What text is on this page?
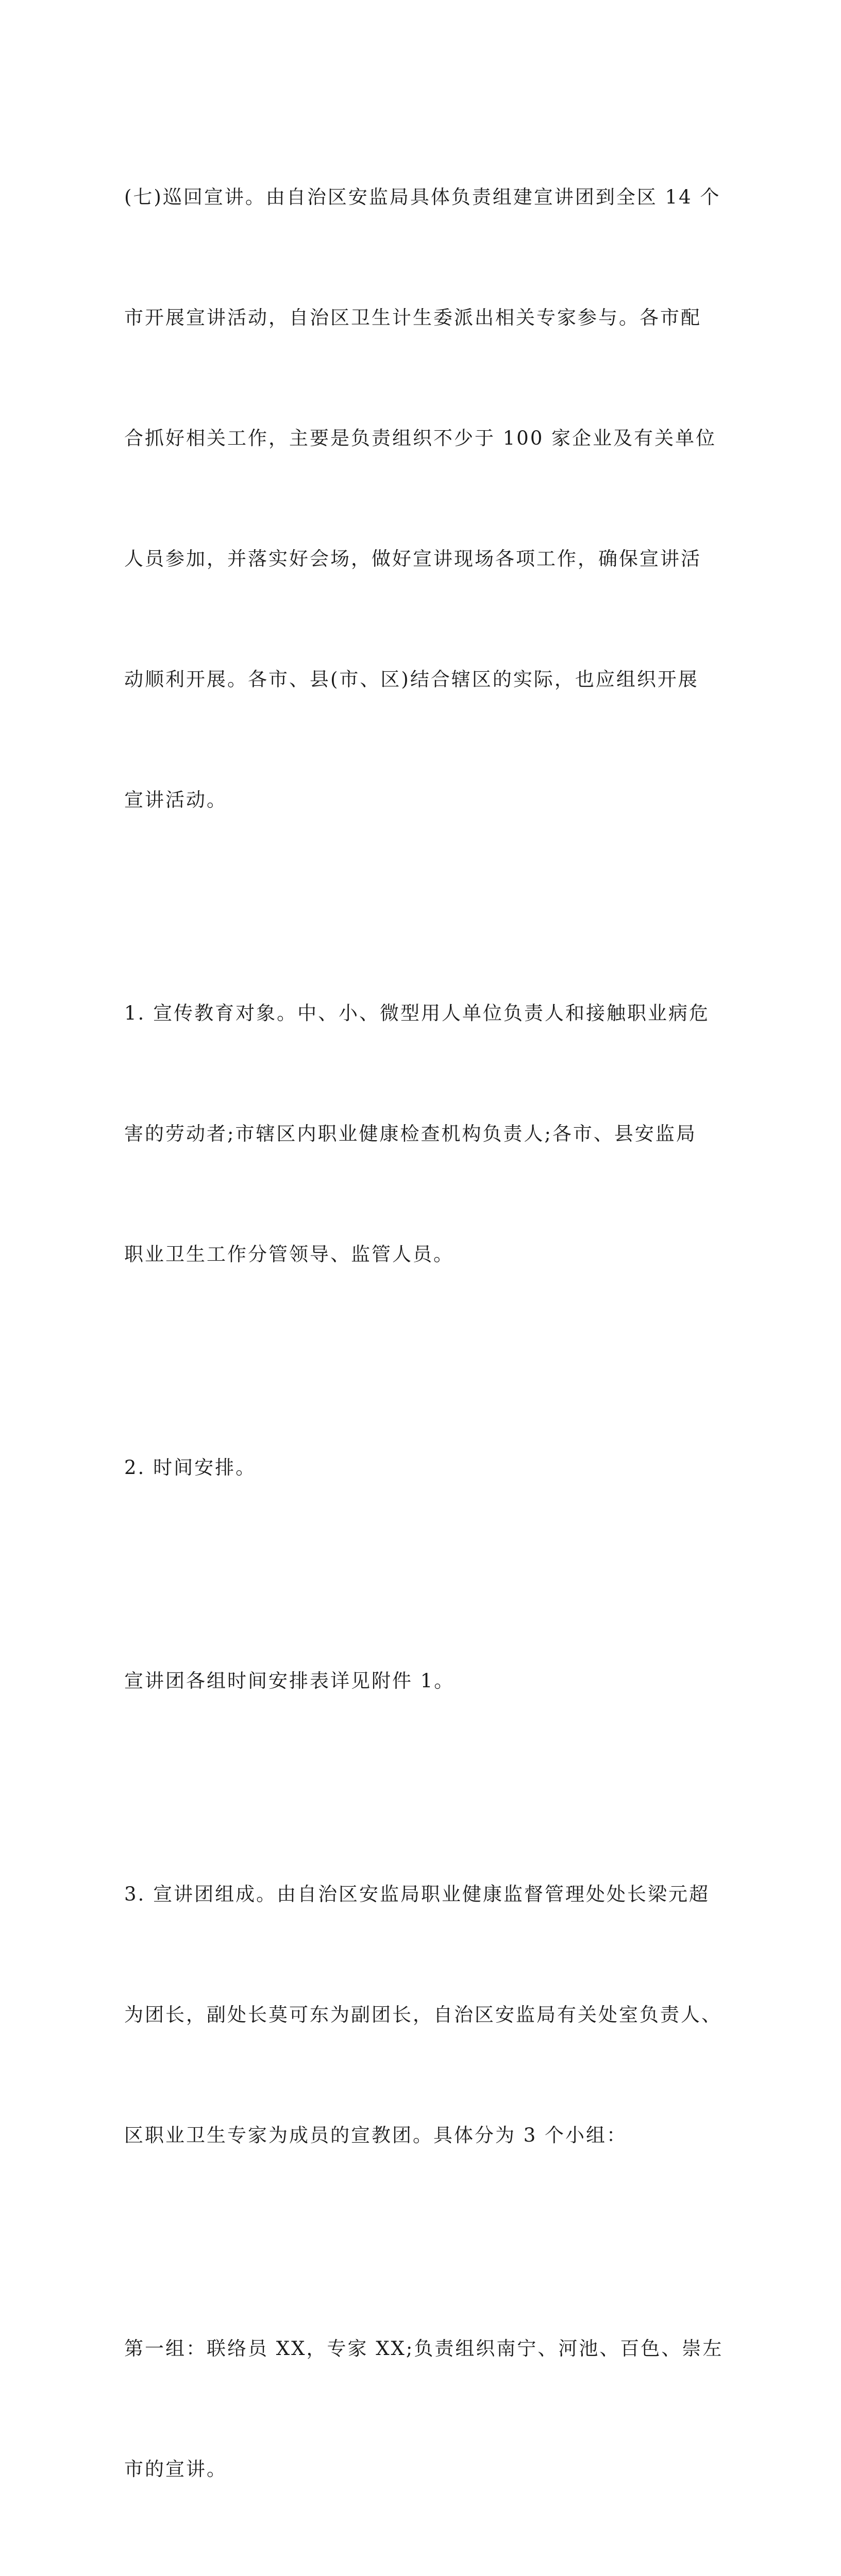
(七)巡回宣讲。由自治区安监局具体负责组建宣讲团到全区 14 个

市开展宣讲活动，自治区卫生计生委派出相关专家参与。各市配

合抓好相关工作，主要是负责组织不少于 100 家企业及有关单位

人员参加，并落实好会场，做好宣讲现场各项工作，确保宣讲活

动顺利开展。各市、县(市、区)结合辖区的实际，也应组织开展

宣讲活动。

1. 宣传教育对象。中、小、微型用人单位负责人和接触职业病危

害的劳动者;市辖区内职业健康检查机构负责人;各市、县安监局

职业卫生工作分管领导、监管人员。

2. 时间安排。

宣讲团各组时间安排表详见附件 1。

3. 宣讲团组成。由自治区安监局职业健康监督管理处处长梁元超

为团长，副处长莫可东为副团长，自治区安监局有关处室负责人、

区职业卫生专家为成员的宣教团。具体分为 3 个小组：

第一组：联络员 XX，专家 XX;负责组织南宁、河池、百色、崇左

市的宣讲。
